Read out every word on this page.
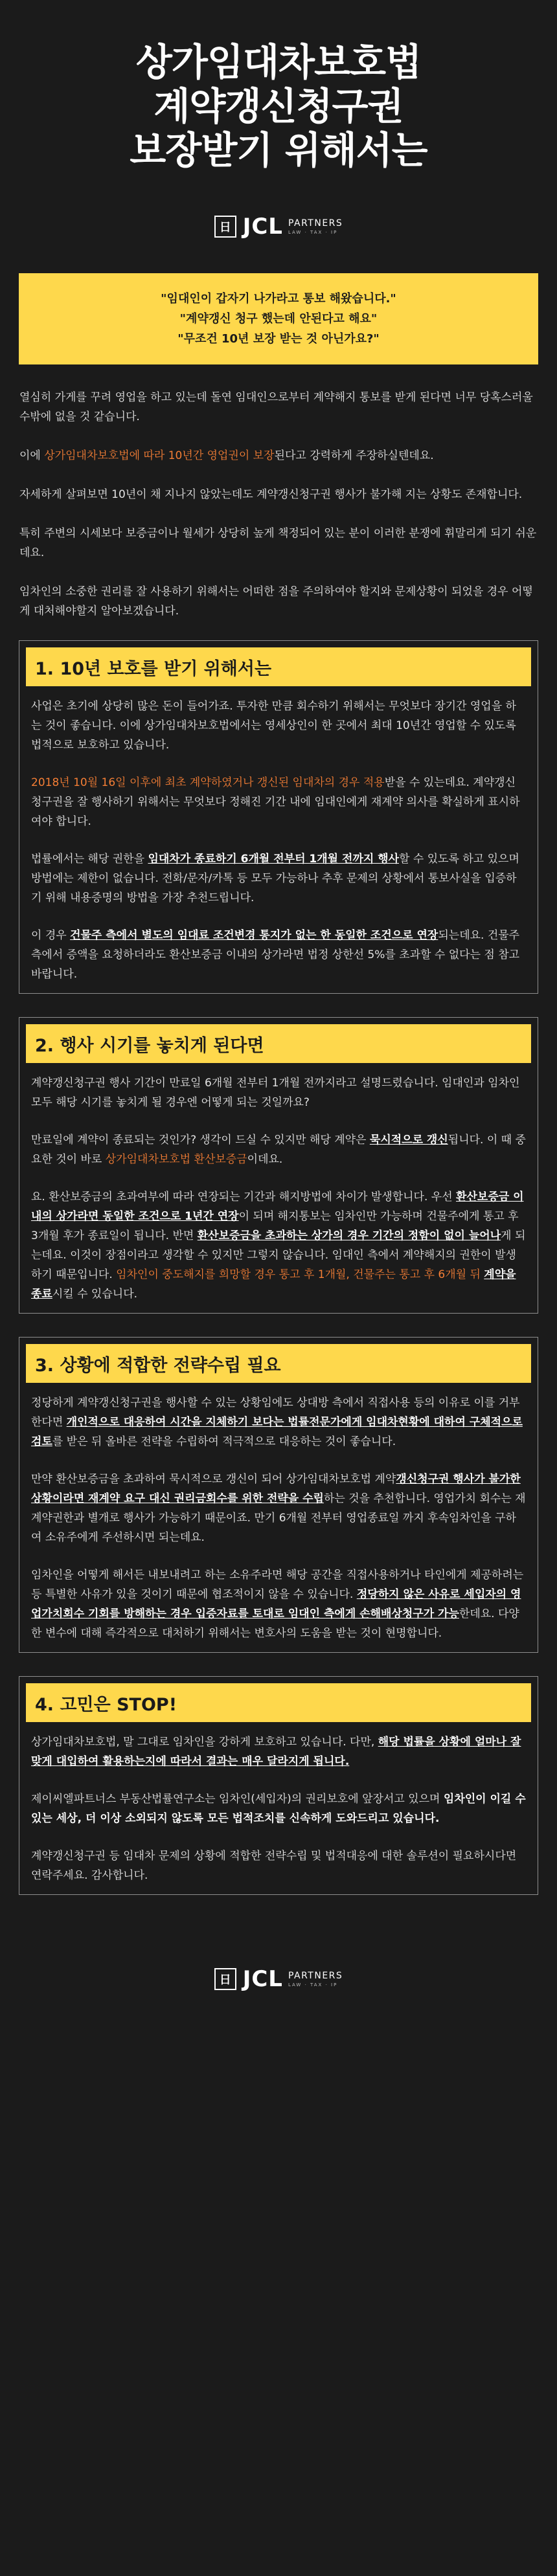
상가임대차보호법
계약갱신청구권
보장받기 위해서는
日 JCL PARTNERS
LAW · TAX · IP

"임대인이 갑자기 나가라고 통보 해왔습니다."

"계약갱신 청구 했는데 안된다고 해요"

"무조건 10년 보장 받는 것 아닌가요?"

열심히 가게를 꾸려 영업을 하고 있는데 돌연 임대인으로부터 계약해지 통보를 받게 된다면 너무 당혹스러울 수밖에 없을 것 같습니다.

이에 상가임대차보호법에 따라 10년간 영업권이 보장된다고 강력하게 주장하실텐데요.

자세하게 살펴보면 10년이 채 지나지 않았는데도 계약갱신청구권 행사가 불가해 지는 상황도 존재합니다.

특히 주변의 시세보다 보증금이나 월세가 상당히 높게 책정되어 있는 분이 이러한 분쟁에 휘말리게 되기 쉬운데요.

임차인의 소중한 권리를 잘 사용하기 위해서는 어떠한 점을 주의하여야 할지와 문제상황이 되었을 경우 어떻게 대처해야할지 알아보겠습니다.

1. 10년 보호를 받기 위해서는

사업은 초기에 상당히 많은 돈이 들어가죠. 투자한 만큼 회수하기 위해서는 무엇보다 장기간 영업을 하는 것이 좋습니다. 이에 상가임대차보호법에서는 영세상인이 한 곳에서 최대 10년간 영업할 수 있도록 법적으로 보호하고 있습니다.

2018년 10월 16일 이후에 최초 계약하였거나 갱신된 임대차의 경우 적용받을 수 있는데요. 계약갱신청구권을 잘 행사하기 위해서는 무엇보다 정해진 기간 내에 임대인에게 재계약 의사를 확실하게 표시하여야 합니다.

법률에서는 해당 권한을 임대차가 종료하기 6개월 전부터 1개월 전까지 행사할 수 있도록 하고 있으며 방법에는 제한이 없습니다. 전화/문자/카톡 등 모두 가능하나 추후 문제의 상황에서 통보사실을 입증하기 위해 내용증명의 방법을 가장 추천드립니다.

이 경우 건물주 측에서 별도의 임대료 조건변경 통지가 없는 한 동일한 조건으로 연장되는데요. 건물주 측에서 증액을 요청하더라도 환산보증금 이내의 상가라면 법정 상한선 5%를 초과할 수 없다는 점 참고바랍니다.

2. 행사 시기를 놓치게 된다면

계약갱신청구권 행사 기간이 만료일 6개월 전부터 1개월 전까지라고 설명드렸습니다. 임대인과 임차인 모두 해당 시기를 놓치게 될 경우엔 어떻게 되는 것일까요?

만료일에 계약이 종료되는 것인가? 생각이 드실 수 있지만 해당 계약은 묵시적으로 갱신됩니다. 이 때 중요한 것이 바로 상가임대차보호법 환산보증금이데요.

요. 환산보증금의 초과여부에 따라 연장되는 기간과 해지방법에 차이가 발생합니다. 우선 환산보증금 이내의 상가라면 동일한 조건으로 1년간 연장이 되며 해지통보는 임차인만 가능하며 건물주에게 통고 후 3개월 후가 종료일이 됩니다. 반면 환산보증금을 초과하는 상가의 경우 기간의 정함이 없이 늘어나게 되는데요. 이것이 장점이라고 생각할 수 있지만 그렇지 않습니다. 임대인 측에서 계약해지의 권한이 발생하기 때문입니다. 임차인이 중도해지를 희망할 경우 통고 후 1개월, 건물주는 통고 후 6개월 뒤 계약을 종료시킬 수 있습니다.

3. 상황에 적합한 전략수립 필요

정당하게 계약갱신청구권을 행사할 수 있는 상황임에도 상대방 측에서 직접사용 등의 이유로 이를 거부한다면 개인적으로 대응하여 시간을 지체하기 보다는 법률전문가에게 임대차현황에 대하여 구체적으로 검토를 받은 뒤 올바른 전략을 수립하여 적극적으로 대응하는 것이 좋습니다.

만약 환산보증금을 초과하여 묵시적으로 갱신이 되어 상가임대차보호법 계약갱신청구권 행사가 불가한 상황이라면 재계약 요구 대신 권리금회수를 위한 전략을 수립하는 것을 추천합니다. 영업가치 회수는 재계약권한과 별개로 행사가 가능하기 때문이죠. 만기 6개월 전부터 영업종료일 까지 후속임차인을 구하여 소유주에게 주선하시면 되는데요.

임차인을 어떻게 해서든 내보내려고 하는 소유주라면 해당 공간을 직접사용하거나 타인에게 제공하려는 등 특별한 사유가 있을 것이기 때문에 협조적이지 않을 수 있습니다. 정당하지 않은 사유로 세입자의 영업가치회수 기회를 방해하는 경우 입증자료를 토대로 임대인 측에게 손해배상청구가 가능한데요. 다양한 변수에 대해 즉각적으로 대처하기 위해서는 변호사의 도움을 받는 것이 현명합니다.

4. 고민은 STOP!

상가임대차보호법, 말 그대로 임차인을 강하게 보호하고 있습니다. 다만, 해당 법률을 상황에 얼마나 잘 맞게 대입하여 활용하는지에 따라서 결과는 매우 달라지게 됩니다.

제이씨엘파트너스 부동산법률연구소는 임차인(세입자)의 권리보호에 앞장서고 있으며 임차인이 이길 수 있는 세상, 더 이상 소외되지 않도록 모든 법적조치를 신속하게 도와드리고 있습니다.

계약갱신청구권 등 임대차 문제의 상황에 적합한 전략수립 및 법적대응에 대한 솔루션이 필요하시다면 연락주세요. 감사합니다.

日 JCL PARTNERS
LAW · TAX · IP
